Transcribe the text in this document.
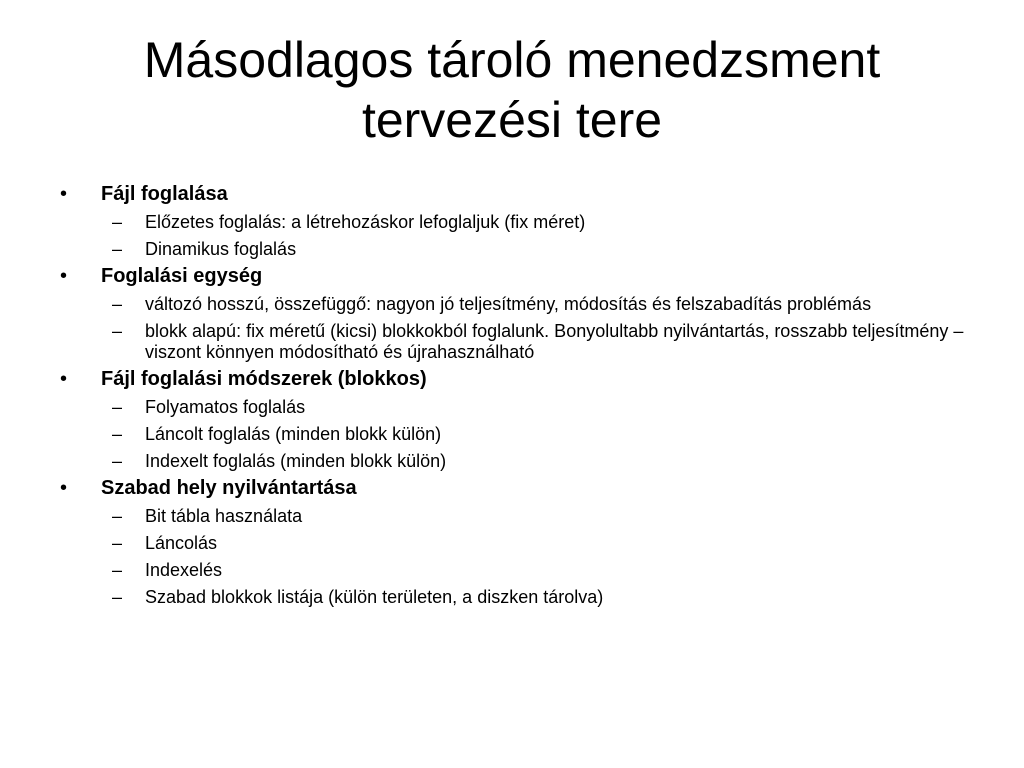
Másodlagos tároló menedzsment
tervezési tere
• Fájl foglalása
– Előzetes foglalás: a létrehozáskor lefoglaljuk (fix méret)
– Dinamikus foglalás
• Foglalási egység
– változó hosszú, összefüggő: nagyon jó teljesítmény, módosítás és felszabadítás problémás
– blokk alapú: fix méretű (kicsi) blokkokból foglalunk. Bonyolultabb nyilvántartás, rosszabb teljesítmény – viszont könnyen módosítható és újrahasználható
• Fájl foglalási módszerek (blokkos)
– Folyamatos foglalás
– Láncolt foglalás (minden blokk külön)
– Indexelt foglalás (minden blokk külön)
• Szabad hely nyilvántartása
– Bit tábla használata
– Láncolás
– Indexelés
– Szabad blokkok listája (külön területen, a diszken tárolva)
